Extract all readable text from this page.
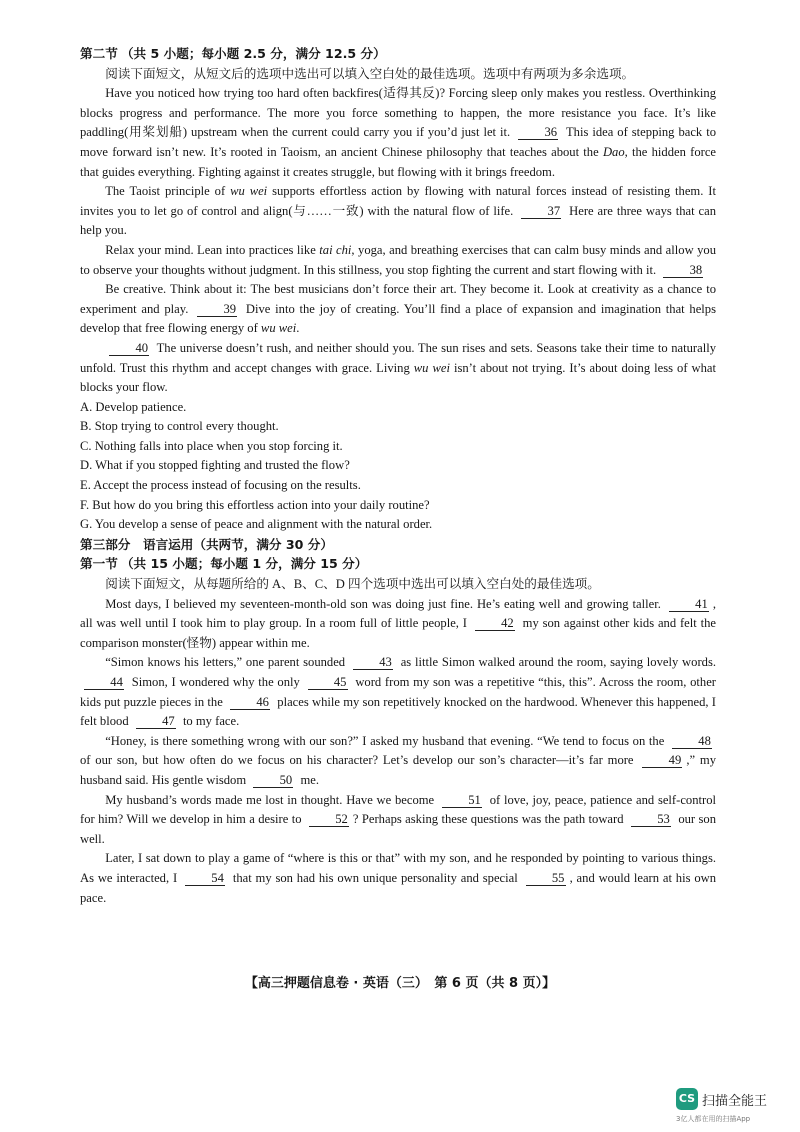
第二节 （共 5 小题；每小题 2.5 分，满分 12.5 分）
阅读下面短文，从短文后的选项中选出可以填入空白处的最佳选项。选项中有两项为多余选项。
Have you noticed how trying too hard often backfires(适得其反)? Forcing sleep only makes you restless. Overthinking blocks progress and performance. The more you force something to happen, the more resistance you face. It’s like paddling(用桨划船) upstream when the current could carry you if you’d just let it.	36 This idea of stepping back to move forward isn’t new. It’s rooted in Taoism, an ancient Chinese philosophy that teaches about the Dao, the hidden force that guides everything. Fighting against it creates struggle, but flowing with it brings freedom.
The Taoist principle of wu wei supports effortless action by flowing with natural forces instead of resisting them. It invites you to let go of control and align(与……一致) with the natural flow of life.	37 Here are three ways that can help you.
Relax your mind. Lean into practices like tai chi, yoga, and breathing exercises that can calm busy minds and allow you to observe your thoughts without judgment. In this stillness, you stop fighting the current and start flowing with it.	38
Be creative. Think about it: The best musicians don’t force their art. They become it. Look at creativity as a chance to experiment and play.	39 Dive into the joy of creating. You’ll find a place of expansion and imagination that helps develop that free flowing energy of wu wei.
40 The universe doesn’t rush, and neither should you. The sun rises and sets. Seasons take their time to naturally unfold. Trust this rhythm and accept changes with grace. Living wu wei isn’t about not trying. It’s about doing less of what blocks your flow.
A. Develop patience.
B. Stop trying to control every thought.
C. Nothing falls into place when you stop forcing it.
D. What if you stopped fighting and trusted the flow?
E. Accept the process instead of focusing on the results.
F. But how do you bring this effortless action into your daily routine?
G. You develop a sense of peace and alignment with the natural order.
第三部分　语言运用（共两节，满分 30 分）
第一节 （共 15 小题；每小题 1 分，满分 15 分）
阅读下面短文，从每题所给的 A、B、C、D 四个选项中选出可以填入空白处的最佳选项。
Most days, I believed my seventeen-month-old son was doing just fine. He’s eating well and growing taller.	41 , all was well until I took him to play group. In a room full of little people, I	42 my son against other kids and felt the comparison monster(怪物) appear within me.
“Simon knows his letters,” one parent sounded	43 as little Simon walked around the room, saying lovely words. 44 Simon, I wondered why the only	45 word from my son was a repetitive “this, this”. Across the room, other kids put puzzle pieces in the	46 places while my son repetitively knocked on the hardwood. Whenever this happened, I felt blood	47 to my face.
“Honey, is there something wrong with our son?” I asked my husband that evening. “We tend to focus on the	48 of our son, but how often do we focus on his character? Let’s develop our son’s character—it’s far more	49 ,” my husband said. His gentle wisdom	50 me.
My husband’s words made me lost in thought. Have we become	51 of love, joy, peace, patience and self-control for him? Will we develop in him a desire to	52 ? Perhaps asking these questions was the path toward	53 our son well.
Later, I sat down to play a game of “where is this or that” with my son, and he responded by pointing to various things. As we interacted, I	54 that my son had his own unique personality and special	55 , and would learn at his own pace.
【高三押题信息卷 · 英语（三）　第 6 页（共 8 页）】
CS 扫描全能王
3亿人都在用的扫描App
